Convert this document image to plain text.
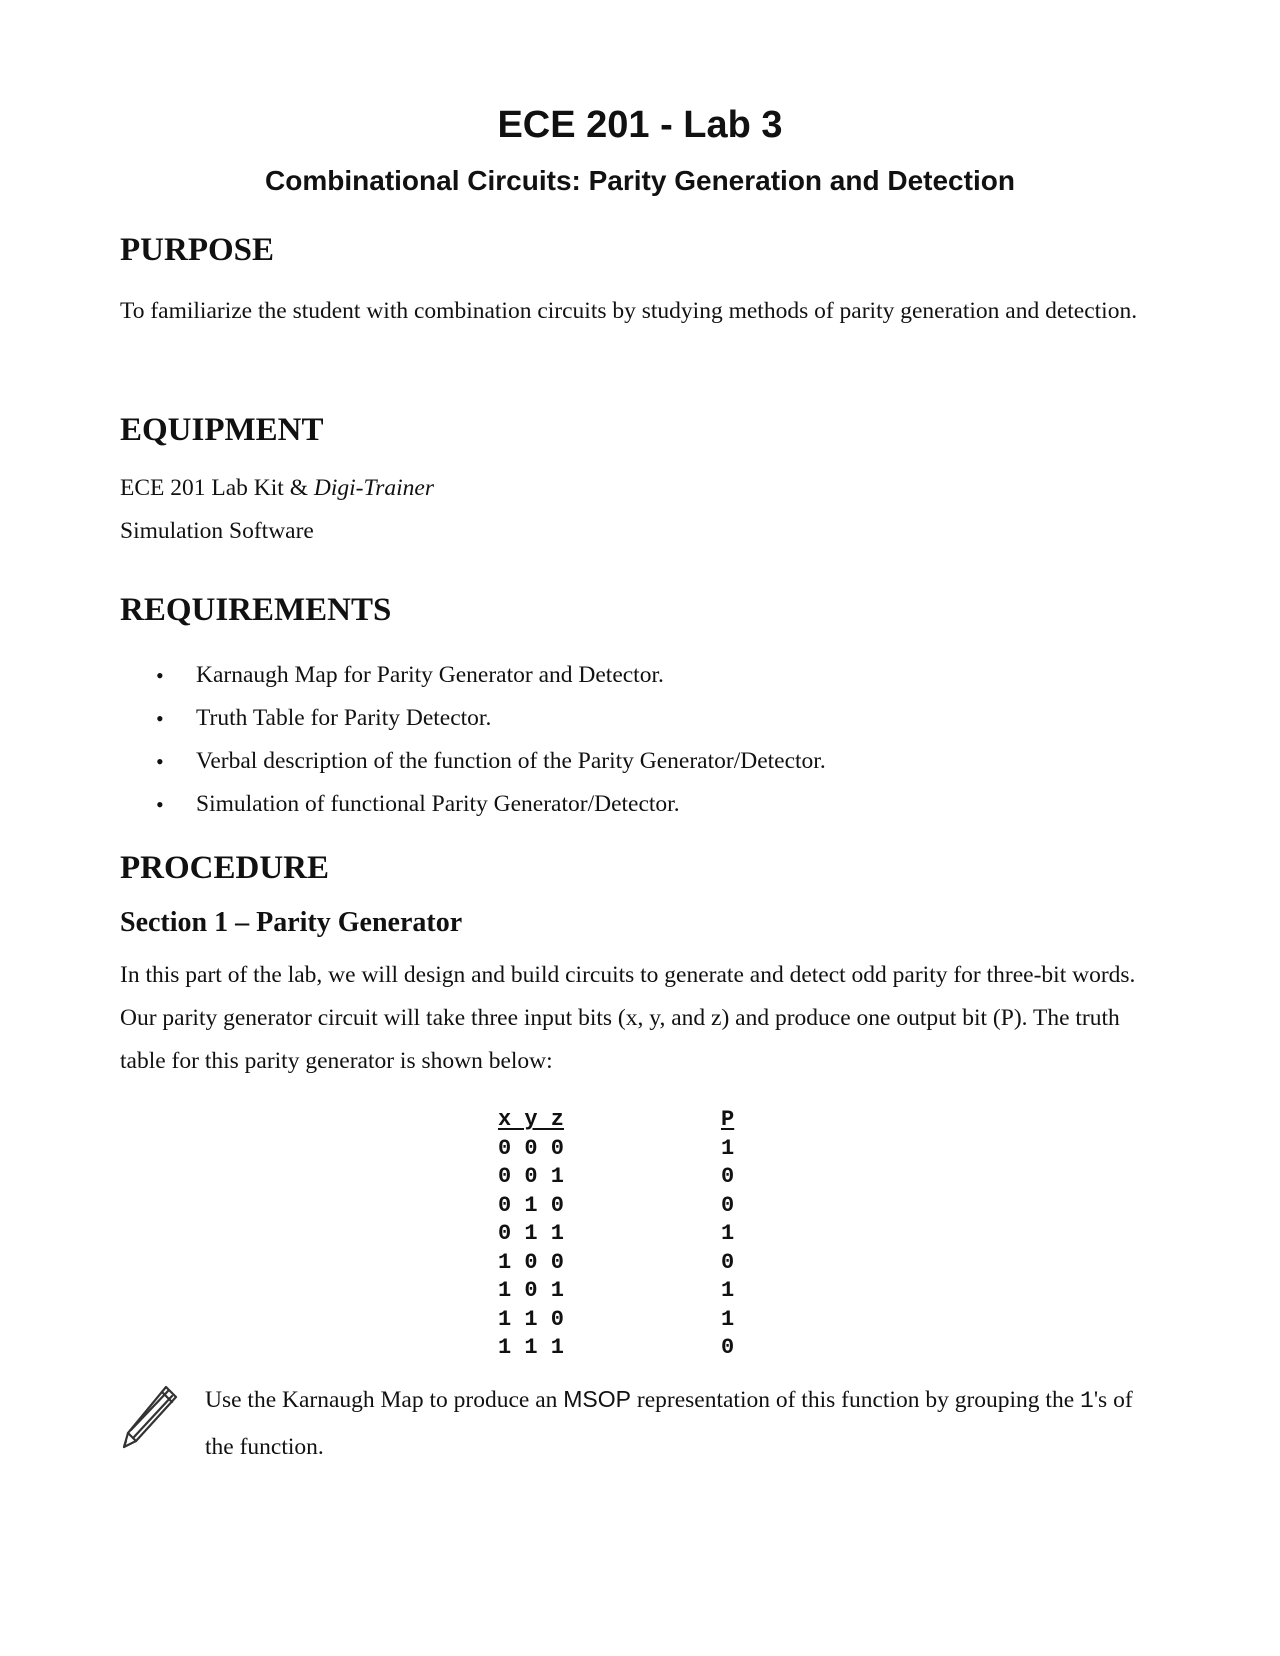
ECE 201 - Lab 3
Combinational Circuits: Parity Generation and Detection
PURPOSE

To familiarize the student with combination circuits by studying methods of parity generation and detection.

EQUIPMENT
ECE 201 Lab Kit & Digi-Trainer
Simulation Software
REQUIREMENTS
• Karnaugh Map for Parity Generator and Detector.
• Truth Table for Parity Detector.
• Verbal description of the function of the Parity Generator/Detector.
• Simulation of functional Parity Generator/Detector.
PROCEDURE
Section 1 – Parity Generator

In this part of the lab, we will design and build circuits to generate and detect odd parity for three-bit words. Our parity generator circuit will take three input bits (x, y, and z) and produce one output bit (P). The truth table for this parity generator is shown below:

x y z	P
0 0 0	1
0 0 1	0
0 1 0	0
0 1 1	1
1 0 0	0
1 0 1	1
1 1 0	1
1 1 1	0

Use the Karnaugh Map to produce an MSOP representation of this function by grouping the 1's of the function.
